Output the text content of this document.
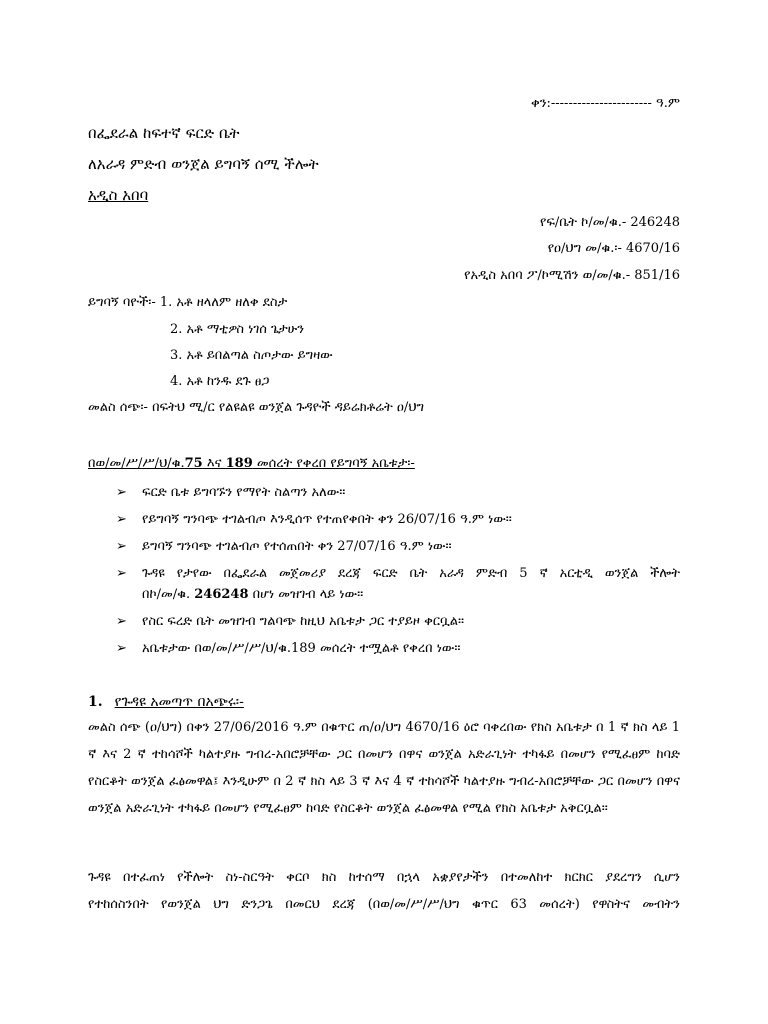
ቀን:----------------------- ዓ.ም
በፌደራል ከፍተኛ ፍርድ ቤት
ለአራዳ ምድብ ወንጀል ይግባኝ ሰሚ ችሎት
አዲስ አበባ
የፍ/ቤት ኮ/መ/ቁ.- 246248
የዐ/ህግ መ/ቁ.፡- 4670/16
የአዲስ አበባ ፖ/ኮሚሽን ወ/መ/ቁ.- 851/16
ይግባኝ ባዮች፡- 1. አቶ ዘላለም ዘለቀ ደስታ
2. አቶ ማቲዎስ ነገሰ ጌታሁን
3. አቶ ይበልጣል ስጦታው ይግዛው
4. አቶ ከንዱ ደጉ ፀጋ
መልስ ሰጭ፡- በፍትህ ሚ/ር የልዩልዩ ወንጀል ጉዳዮች ዳይሬክቶሬት ዐ/ህግ
በወ/መ/ሥ/ሥ/ህ/ቁ.75 እና 189 መሰረት የቀረበ የይግባኝ አቤቱታ፡-
➢ ፍርድ ቤቱ ይግባኙን የማየት ስልጣን አለው።
➢ የይግባኝ ግንባጭ ተገልብጦ እንዲሰጥ የተጠየቀበት ቀን 26/07/16 ዓ.ም ነው።
➢ ይግባኝ ግንባጭ ተገልብጦ የተሰጠበት ቀን 27/07/16 ዓ.ም ነው።
➢ ጉዳዩ የታየው በፌደራል መጀመሪያ ደረጃ ፍርድ ቤት አራዳ ምድብ 5 ኛ አርቲዲ ወንጀል ችሎት
በኮ/መ/ቁ. 246248 በሆነ መዝገብ ላይ ነው።
➢ የስር ፍረድ ቤት መዝገብ ግልባጭ ከዚህ አቤቱታ ጋር ተያይዞ ቀርቧል።
➢ አቤቱታው በወ/መ/ሥ/ሥ/ህ/ቁ.189 መሰረት ተሟልቶ የቀረበ ነው።
1. የጉዳዩ አመጣጥ በአጭሩ፡-
መልስ ሰጭ (ዐ/ህግ) በቀን 27/06/2016 ዓ.ም በቁጥር ጠ/ዐ/ህግ 4670/16 ዕሮ ባቀረበው የክስ አቤቱታ በ 1 ኛ ክስ ላይ 1 ኛ እና 2 ኛ ተከሳሾች ካልተያዙ ግብረ-አበሮቻቸው ጋር በመሆን በዋና ወንጀል አድራጊነት ተካፋይ በመሆን የሚፈፀም ከባድ የስርቆት ወንጀል ፈፅመዋል፤ እንዲሁም በ 2 ኛ ክስ ላይ 3 ኛ እና 4 ኛ ተከሳሾች ካልተያዙ ግብረ-አበሮቻቸው ጋር በመሆን በዋና ወንጀል አድራጊነት ተካፋይ በመሆን የሚፈፀም ከባድ የስርቆት ወንጀል ፈፅመዋል የሚል የክስ አቤቱታ አቅርቧል።
ጉዳዩ በተፈጠነ የችሎት ስነ-ስርዓት ቀርቦ ክስ ከተሰማ በኋላ አቋያየታችን በተመለከተ ክርክር ያደረግን ሲሆን
የተከሰስንበት የወንጀል ህግ ድንጋጌ በመርህ ደረጃ (በወ/መ/ሥ/ሥ/ህግ ቁጥር 63 መሰረት) የዋስትና መብትን
